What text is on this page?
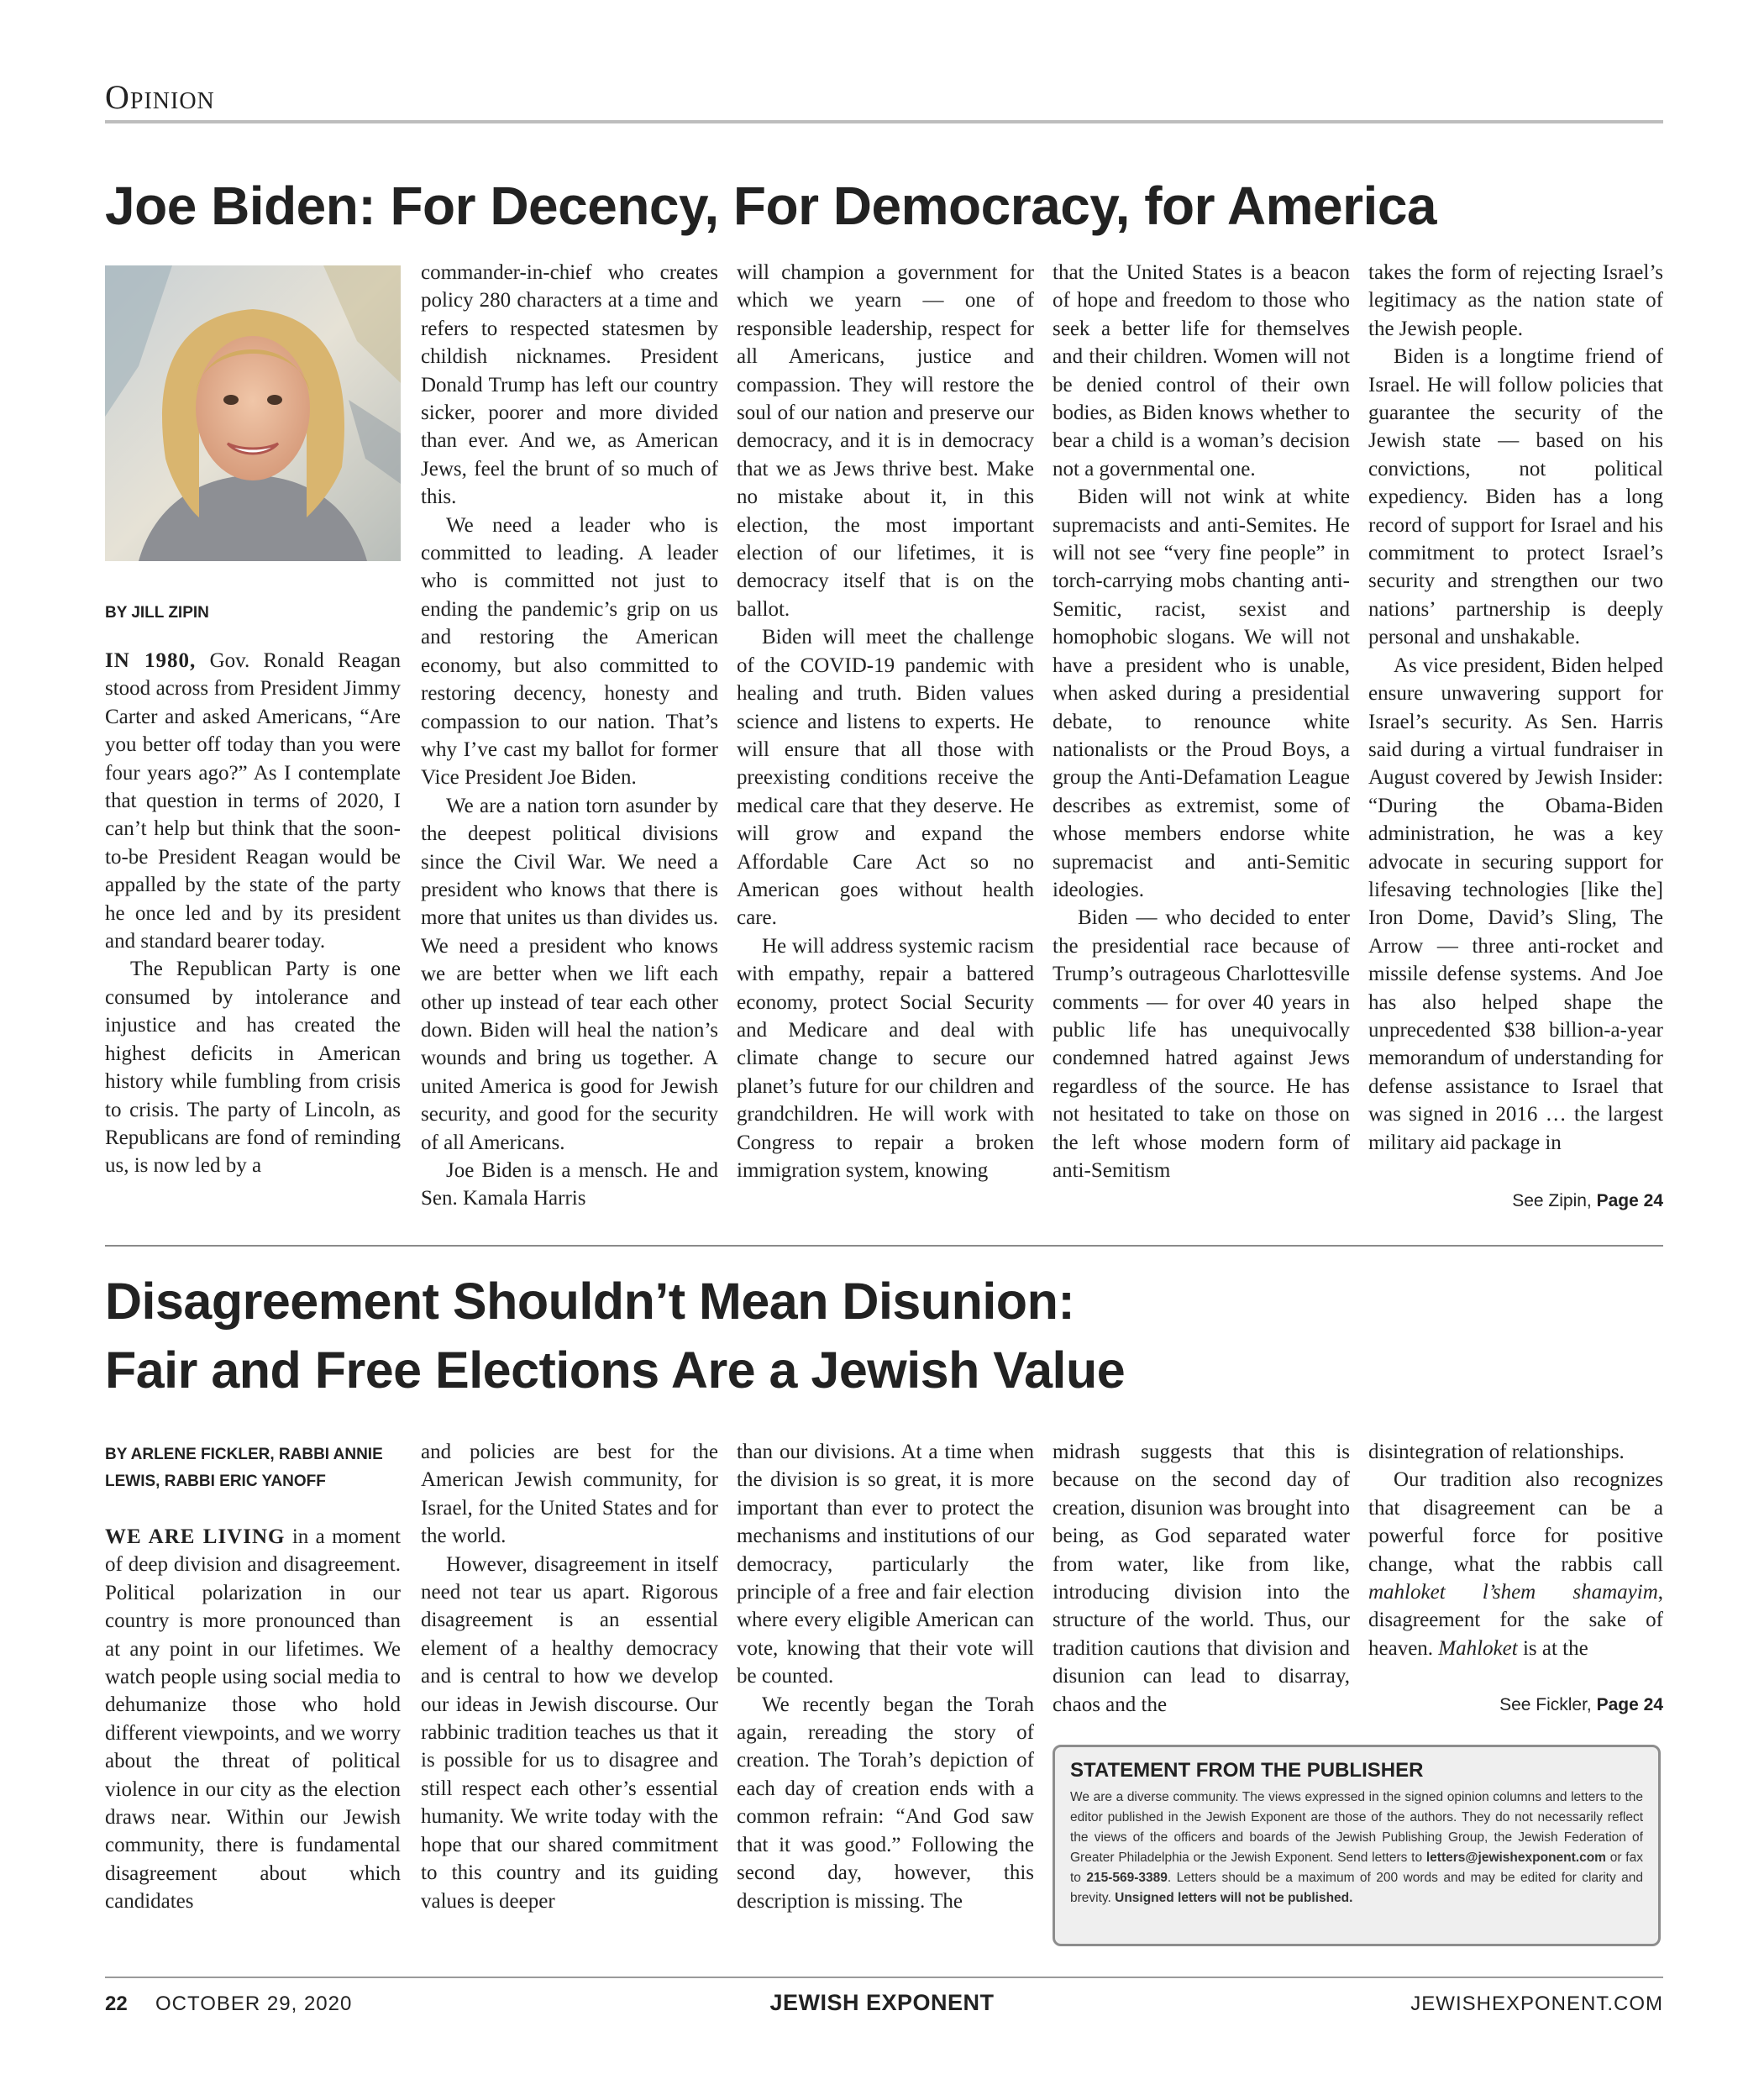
Opinion
Joe Biden: For Decency, For Democracy, for America
BY JILL ZIPIN

IN 1980, Gov. Ronald Reagan stood across from President Jimmy Carter and asked Americans, “Are you better off today than you were four years ago?” As I contemplate that question in terms of 2020, I can’t help but think that the soon-to-be President Reagan would be appalled by the state of the party he once led and by its president and standard bearer today.

The Republican Party is one consumed by intolerance and injustice and has created the highest deficits in American history while fumbling from crisis to crisis. The party of Lincoln, as Republicans are fond of reminding us, is now led by a

commander-in-chief who creates policy 280 characters at a time and refers to respected statesmen by childish nicknames. President Donald Trump has left our country sicker, poorer and more divided than ever. And we, as American Jews, feel the brunt of so much of this.

We need a leader who is committed to leading. A leader who is committed not just to ending the pandemic’s grip on us and restoring the American economy, but also committed to restoring decency, honesty and compassion to our nation. That’s why I’ve cast my ballot for former Vice President Joe Biden.

We are a nation torn asunder by the deepest political divisions since the Civil War. We need a president who knows that there is more that unites us than divides us. We need a president who knows we are better when we lift each other up instead of tear each other down. Biden will heal the nation’s wounds and bring us together. A united America is good for Jewish security, and good for the security of all Americans.

Joe Biden is a mensch. He and Sen. Kamala Harris

will champion a government for which we yearn — one of responsible leadership, respect for all Americans, justice and compassion. They will restore the soul of our nation and preserve our democracy, and it is in democracy that we as Jews thrive best. Make no mistake about it, in this election, the most important election of our lifetimes, it is democracy itself that is on the ballot.

Biden will meet the challenge of the COVID-19 pandemic with healing and truth. Biden values science and listens to experts. He will ensure that all those with preexisting conditions receive the medical care that they deserve. He will grow and expand the Affordable Care Act so no American goes without health care.

He will address systemic racism with empathy, repair a battered economy, protect Social Security and Medicare and deal with climate change to secure our planet’s future for our children and grandchildren. He will work with Congress to repair a broken immigration system, knowing

that the United States is a beacon of hope and freedom to those who seek a better life for themselves and their children. Women will not be denied control of their own bodies, as Biden knows whether to bear a child is a woman’s decision not a governmental one.

Biden will not wink at white supremacists and anti-Semites. He will not see “very fine people” in torch-carrying mobs chanting anti-Semitic, racist, sexist and homophobic slogans. We will not have a president who is unable, when asked during a presidential debate, to renounce white nationalists or the Proud Boys, a group the Anti-Defamation League describes as extremist, some of whose members endorse white supremacist and anti-Semitic ideologies.

Biden — who decided to enter the presidential race because of Trump’s outrageous Charlottesville comments — for over 40 years in public life has unequivocally condemned hatred against Jews regardless of the source. He has not hesitated to take on those on the left whose modern form of anti-Semitism

takes the form of rejecting Israel’s legitimacy as the nation state of the Jewish people.

Biden is a longtime friend of Israel. He will follow policies that guarantee the security of the Jewish state — based on his convictions, not political expediency. Biden has a long record of support for Israel and his commitment to protect Israel’s security and strengthen our two nations’ partnership is deeply personal and unshakable.

As vice president, Biden helped ensure unwavering support for Israel’s security. As Sen. Harris said during a virtual fundraiser in August covered by Jewish Insider: “During the Obama-Biden administration, he was a key advocate in securing support for lifesaving technologies [like the] Iron Dome, David’s Sling, The Arrow — three anti-rocket and missile defense systems. And Joe has also helped shape the unprecedented $38 billion-a-year memorandum of understanding for defense assistance to Israel that was signed in 2016 … the largest military aid package in

See Zipin, Page 24
Disagreement Shouldn’t Mean Disunion:
Fair and Free Elections Are a Jewish Value
BY ARLENE FICKLER, RABBI ANNIE LEWIS, RABBI ERIC YANOFF

WE ARE LIVING in a moment of deep division and disagreement. Political polarization in our country is more pronounced than at any point in our lifetimes. We watch people using social media to dehumanize those who hold different viewpoints, and we worry about the threat of political violence in our city as the election draws near. Within our Jewish community, there is fundamental disagreement about which candidates

and policies are best for the American Jewish community, for Israel, for the United States and for the world.

However, disagreement in itself need not tear us apart. Rigorous disagreement is an essential element of a healthy democracy and is central to how we develop our ideas in Jewish discourse. Our rabbinic tradition teaches us that it is possible for us to disagree and still respect each other’s essential humanity. We write today with the hope that our shared commitment to this country and its guiding values is deeper

than our divisions. At a time when the division is so great, it is more important than ever to protect the mechanisms and institutions of our democracy, particularly the principle of a free and fair election where every eligible American can vote, knowing that their vote will be counted.

We recently began the Torah again, rereading the story of creation. The Torah’s depiction of each day of creation ends with a common refrain: “And God saw that it was good.” Following the second day, however, this description is missing. The

midrash suggests that this is because on the second day of creation, disunion was brought into being, as God separated water from water, like from like, introducing division into the structure of the world. Thus, our tradition cautions that division and disunion can lead to disarray, chaos and the

disintegration of relationships.

Our tradition also recognizes that disagreement can be a powerful force for positive change, what the rabbis call mahloket l’shem shamayim, disagreement for the sake of heaven. Mahloket is at the

See Fickler, Page 24
STATEMENT FROM THE PUBLISHER
We are a diverse community. The views expressed in the signed opinion columns and letters to the editor published in the Jewish Exponent are those of the authors. They do not necessarily reflect the views of the officers and boards of the Jewish Publishing Group, the Jewish Federation of Greater Philadelphia or the Jewish Exponent. Send letters to letters@jewishexponent.com or fax to 215-569-3389. Letters should be a maximum of 200 words and may be edited for clarity and brevity. Unsigned letters will not be published.
22 OCTOBER 29, 2020	JEWISH EXPONENT	JEWISHEXPONENT.COM
